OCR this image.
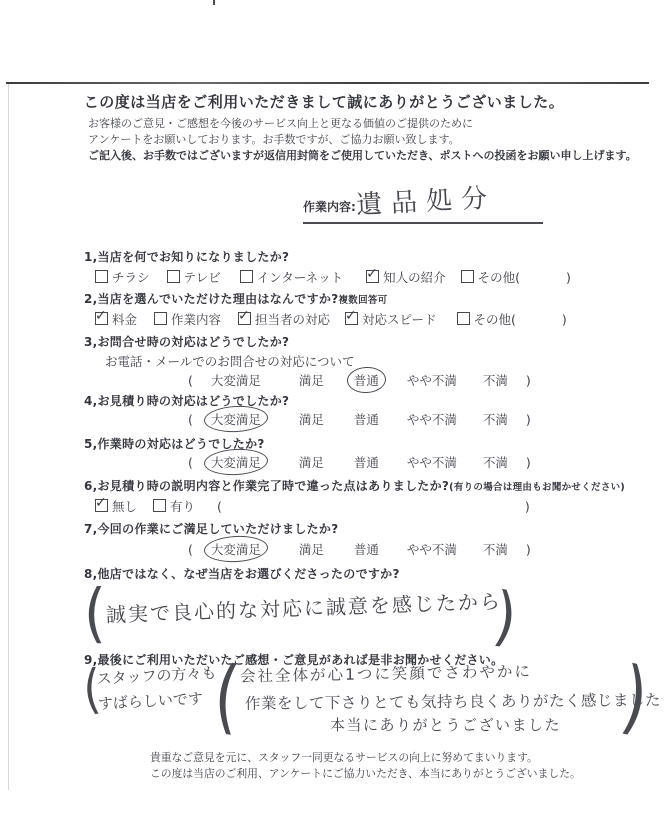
この度は当店をご利用いただきまして誠にありがとうございました。
お客様のご意見・ご感想を今後のサービス向上と更なる価値のご提供のために
アンケートをお願いしております。お手数ですが、ご協力お願い致します。
ご記入後、お手数ではございますが返信用封筒をご使用していただき、ポストへの投函をお願い申し上げます。
作業内容: 遺品処分
1,当店を何でお知りになりましたか?
チラシ	テレビ	インターネット ✓	知人の紹介	その他(	)
2,当店を選んでいただけた理由はなんですか?複数回答可
✓料金	作業内容 ✓	担当者の対応 ✓	対応スピード	その他(	)
3,お問合せ時の対応はどうでしたか?
お電話・メールでのお問合せの対応について
( 大変満足	満足 普通 やや不満 不満 )
4,お見積り時の対応はどうでしたか?
( 大変満足	満足 普通 やや不満 不満 )
5,作業時の対応はどうでしたか?
( 大変満足	満足 普通 やや不満 不満 )
6,お見積り時の説明内容と作業完了時で違った点はありましたか?(有りの場合は理由もお聞かせください)
✓無し	有り (	)
7,今回の作業にご満足していただけましたか?
( 大変満足	満足 普通 やや不満 不満 )
8,他店ではなく、なぜ当店をお選びくださったのですか?
( 誠実で良心的な対応に誠意を感じたから
)
9,最後にご利用いただいたご感想・ご意見があれば是非お聞かせください。
(
スタッフの方々も
すばらしいです (
会社全体が心1つに笑顔でさわやかに
作業をして下さりとても気持ち良くありがたく感じました
本当にありがとうございました )
貴重なご意見を元に、スタッフ一同更なるサービスの向上に努めてまいります。
この度は当店のご利用、アンケートにご協力いただき、本当にありがとうございました。
